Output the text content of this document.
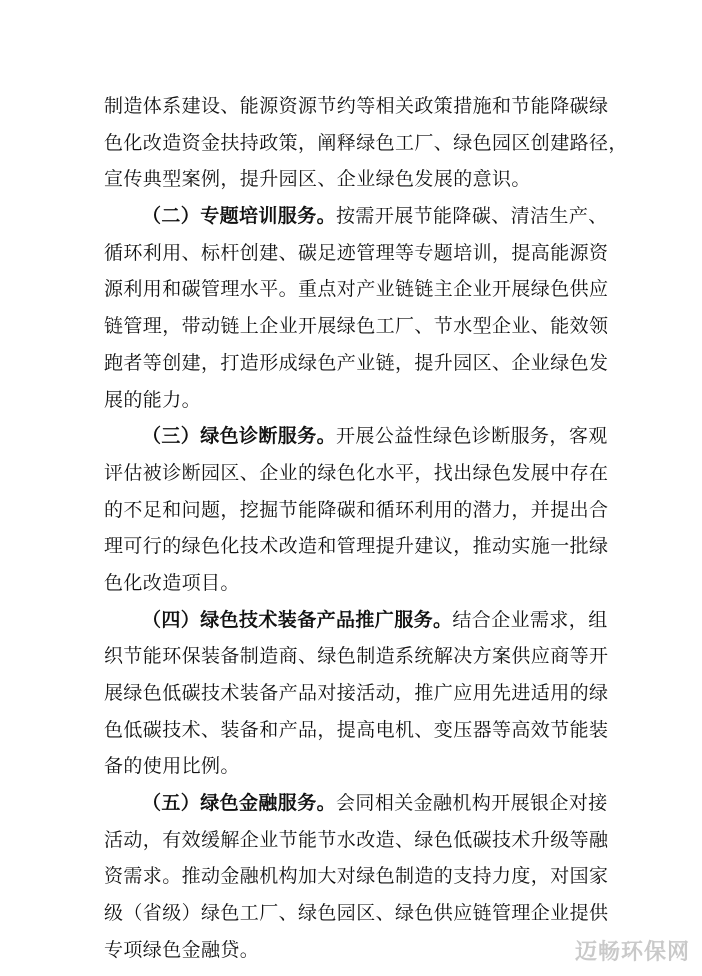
制造体系建设、能源资源节约等相关政策措施和节能降碳绿
色化改造资金扶持政策，阐释绿色工厂、绿色园区创建路径，
宣传典型案例，提升园区、企业绿色发展的意识。
（二）专题培训服务。按需开展节能降碳、清洁生产、
循环利用、标杆创建、碳足迹管理等专题培训，提高能源资
源利用和碳管理水平。重点对产业链链主企业开展绿色供应
链管理，带动链上企业开展绿色工厂、节水型企业、能效领
跑者等创建，打造形成绿色产业链，提升园区、企业绿色发
展的能力。
（三）绿色诊断服务。开展公益性绿色诊断服务，客观
评估被诊断园区、企业的绿色化水平，找出绿色发展中存在
的不足和问题，挖掘节能降碳和循环利用的潜力，并提出合
理可行的绿色化技术改造和管理提升建议，推动实施一批绿
色化改造项目。
（四）绿色技术装备产品推广服务。结合企业需求，组
织节能环保装备制造商、绿色制造系统解决方案供应商等开
展绿色低碳技术装备产品对接活动，推广应用先进适用的绿
色低碳技术、装备和产品，提高电机、变压器等高效节能装
备的使用比例。
（五）绿色金融服务。会同相关金融机构开展银企对接
活动，有效缓解企业节能节水改造、绿色低碳技术升级等融
资需求。推动金融机构加大对绿色制造的支持力度，对国家
级（省级）绿色工厂、绿色园区、绿色供应链管理企业提供
专项绿色金融贷。	迈畅环保网
